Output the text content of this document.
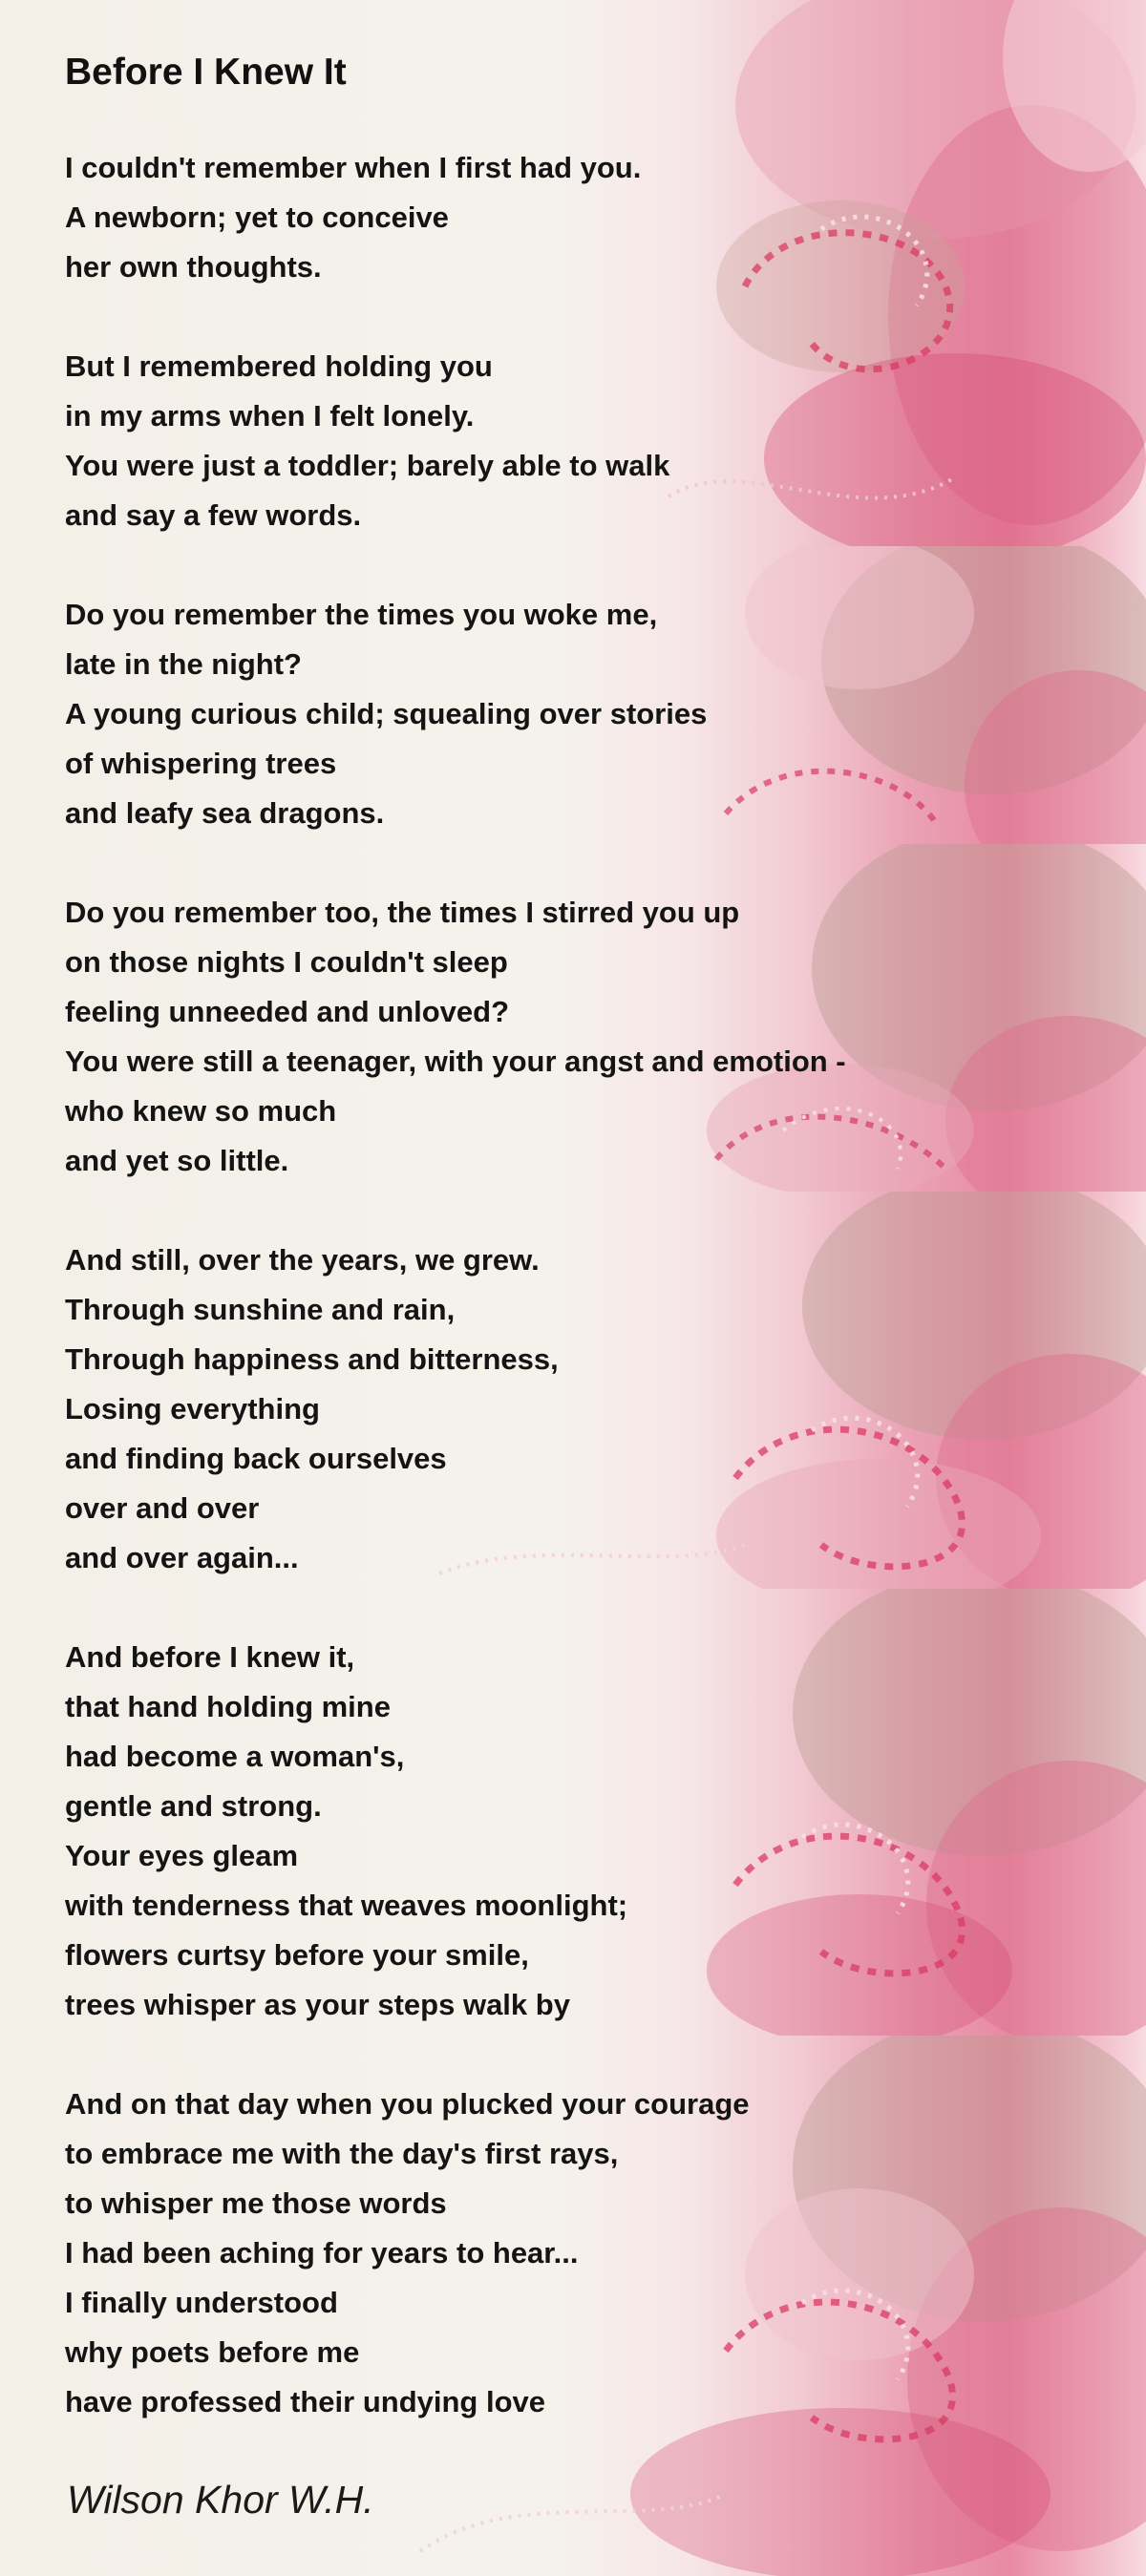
Before I Knew It

I couldn't remember when I first had you.
A newborn; yet to conceive
her own thoughts.

But I remembered holding you
in my arms when I felt lonely.
You were just a toddler; barely able to walk
and say a few words.

Do you remember the times you woke me,
late in the night?
A young curious child; squealing over stories
of whispering trees
and leafy sea dragons.

Do you remember too, the times I stirred you up
on those nights I couldn't sleep
feeling unneeded and unloved?
You were still a teenager, with your angst and emotion -
who knew so much
and yet so little.

And still, over the years, we grew.
Through sunshine and rain,
Through happiness and bitterness,
Losing everything
and finding back ourselves
over and over
and over again...

And before I knew it,
that hand holding mine
had become a woman's,
gentle and strong.
Your eyes gleam
with tenderness that weaves moonlight;
flowers curtsy before your smile,
trees whisper as your steps walk by

And on that day when you plucked your courage
to embrace me with the day's first rays,
to whisper me those words
I had been aching for years to hear...
I finally understood
why poets before me
have professed their undying love

Wilson Khor W.H.
